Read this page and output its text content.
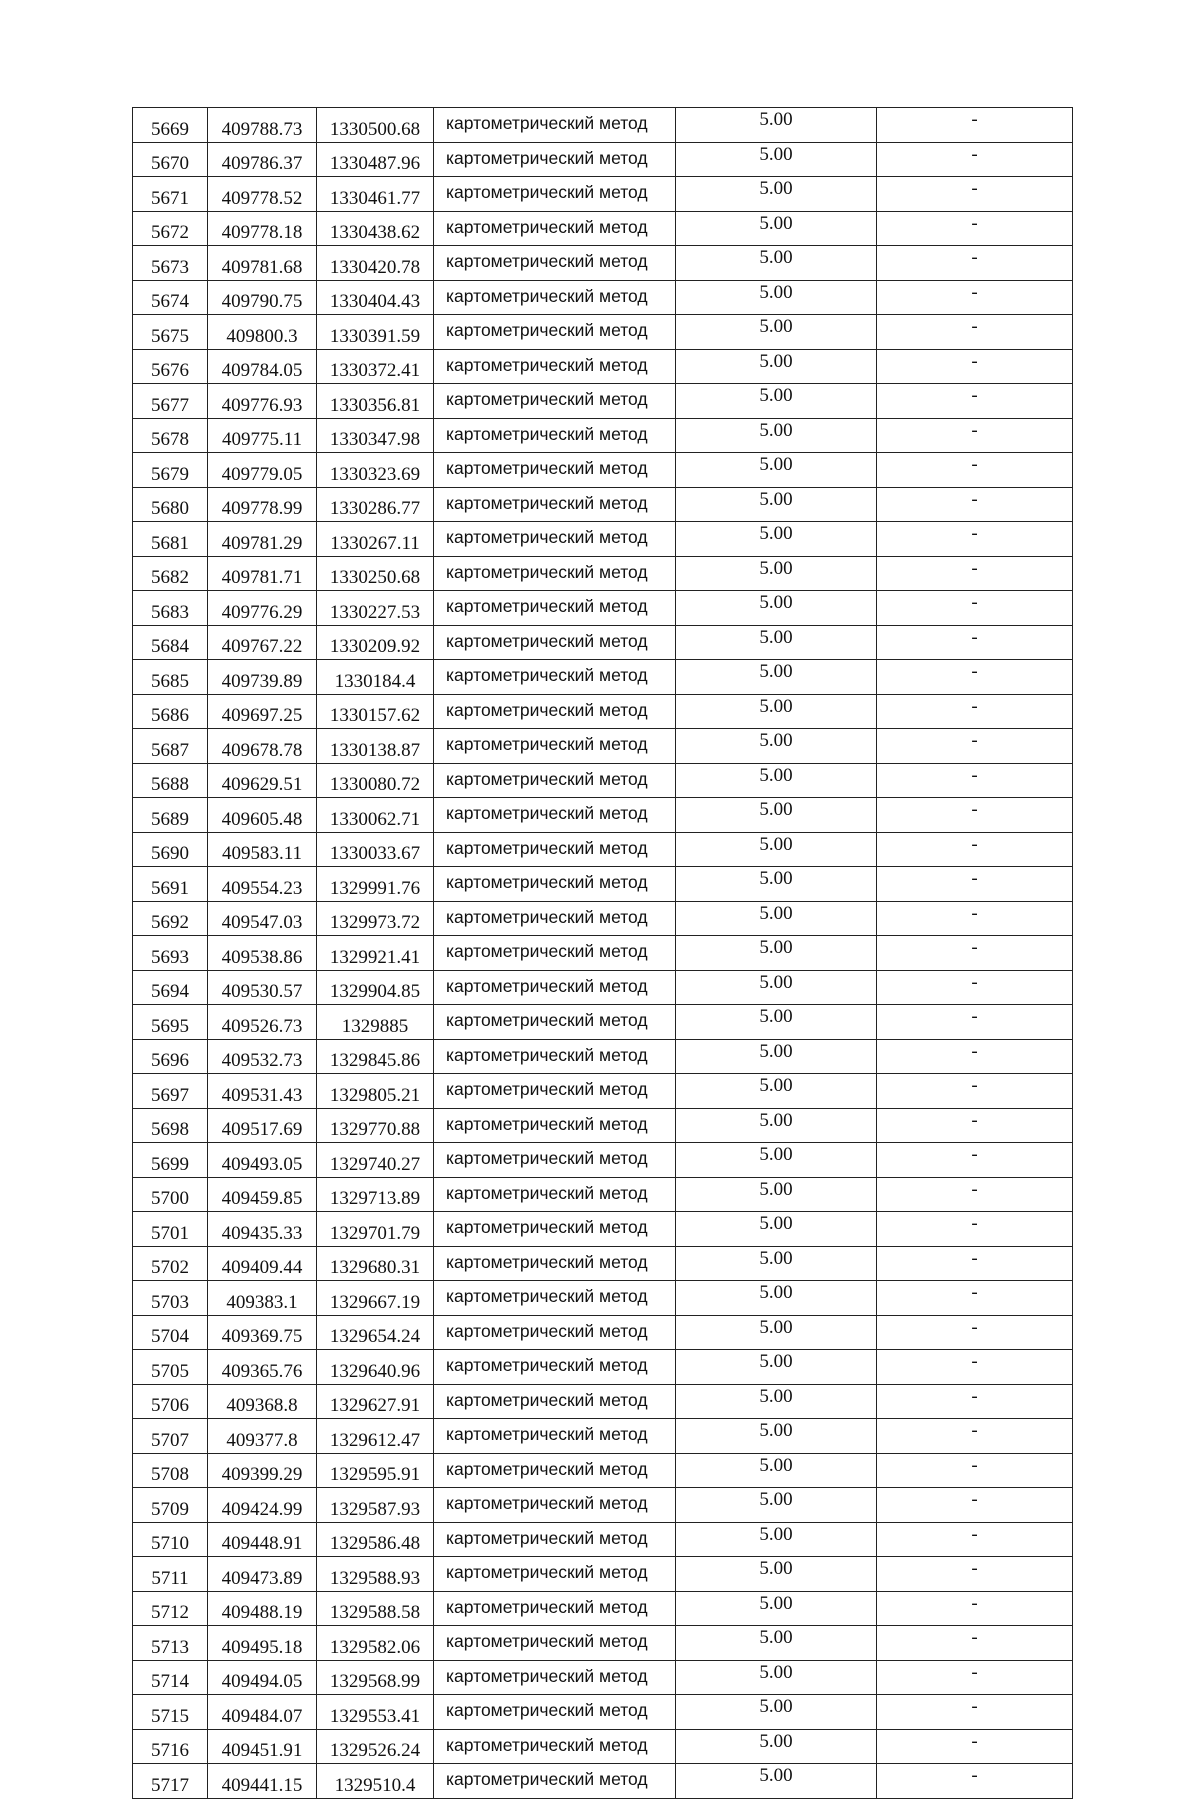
5669	409788.73	1330500.68	картометрический метод	5.00	-
5670	409786.37	1330487.96	картометрический метод	5.00	-
5671	409778.52	1330461.77	картометрический метод	5.00	-
5672	409778.18	1330438.62	картометрический метод	5.00	-
5673	409781.68	1330420.78	картометрический метод	5.00	-
5674	409790.75	1330404.43	картометрический метод	5.00	-
5675	409800.3	1330391.59	картометрический метод	5.00	-
5676	409784.05	1330372.41	картометрический метод	5.00	-
5677	409776.93	1330356.81	картометрический метод	5.00	-
5678	409775.11	1330347.98	картометрический метод	5.00	-
5679	409779.05	1330323.69	картометрический метод	5.00	-
5680	409778.99	1330286.77	картометрический метод	5.00	-
5681	409781.29	1330267.11	картометрический метод	5.00	-
5682	409781.71	1330250.68	картометрический метод	5.00	-
5683	409776.29	1330227.53	картометрический метод	5.00	-
5684	409767.22	1330209.92	картометрический метод	5.00	-
5685	409739.89	1330184.4	картометрический метод	5.00	-
5686	409697.25	1330157.62	картометрический метод	5.00	-
5687	409678.78	1330138.87	картометрический метод	5.00	-
5688	409629.51	1330080.72	картометрический метод	5.00	-
5689	409605.48	1330062.71	картометрический метод	5.00	-
5690	409583.11	1330033.67	картометрический метод	5.00	-
5691	409554.23	1329991.76	картометрический метод	5.00	-
5692	409547.03	1329973.72	картометрический метод	5.00	-
5693	409538.86	1329921.41	картометрический метод	5.00	-
5694	409530.57	1329904.85	картометрический метод	5.00	-
5695	409526.73	1329885	картометрический метод	5.00	-
5696	409532.73	1329845.86	картометрический метод	5.00	-
5697	409531.43	1329805.21	картометрический метод	5.00	-
5698	409517.69	1329770.88	картометрический метод	5.00	-
5699	409493.05	1329740.27	картометрический метод	5.00	-
5700	409459.85	1329713.89	картометрический метод	5.00	-
5701	409435.33	1329701.79	картометрический метод	5.00	-
5702	409409.44	1329680.31	картометрический метод	5.00	-
5703	409383.1	1329667.19	картометрический метод	5.00	-
5704	409369.75	1329654.24	картометрический метод	5.00	-
5705	409365.76	1329640.96	картометрический метод	5.00	-
5706	409368.8	1329627.91	картометрический метод	5.00	-
5707	409377.8	1329612.47	картометрический метод	5.00	-
5708	409399.29	1329595.91	картометрический метод	5.00	-
5709	409424.99	1329587.93	картометрический метод	5.00	-
5710	409448.91	1329586.48	картометрический метод	5.00	-
5711	409473.89	1329588.93	картометрический метод	5.00	-
5712	409488.19	1329588.58	картометрический метод	5.00	-
5713	409495.18	1329582.06	картометрический метод	5.00	-
5714	409494.05	1329568.99	картометрический метод	5.00	-
5715	409484.07	1329553.41	картометрический метод	5.00	-
5716	409451.91	1329526.24	картометрический метод	5.00	-
5717	409441.15	1329510.4	картометрический метод	5.00	-
